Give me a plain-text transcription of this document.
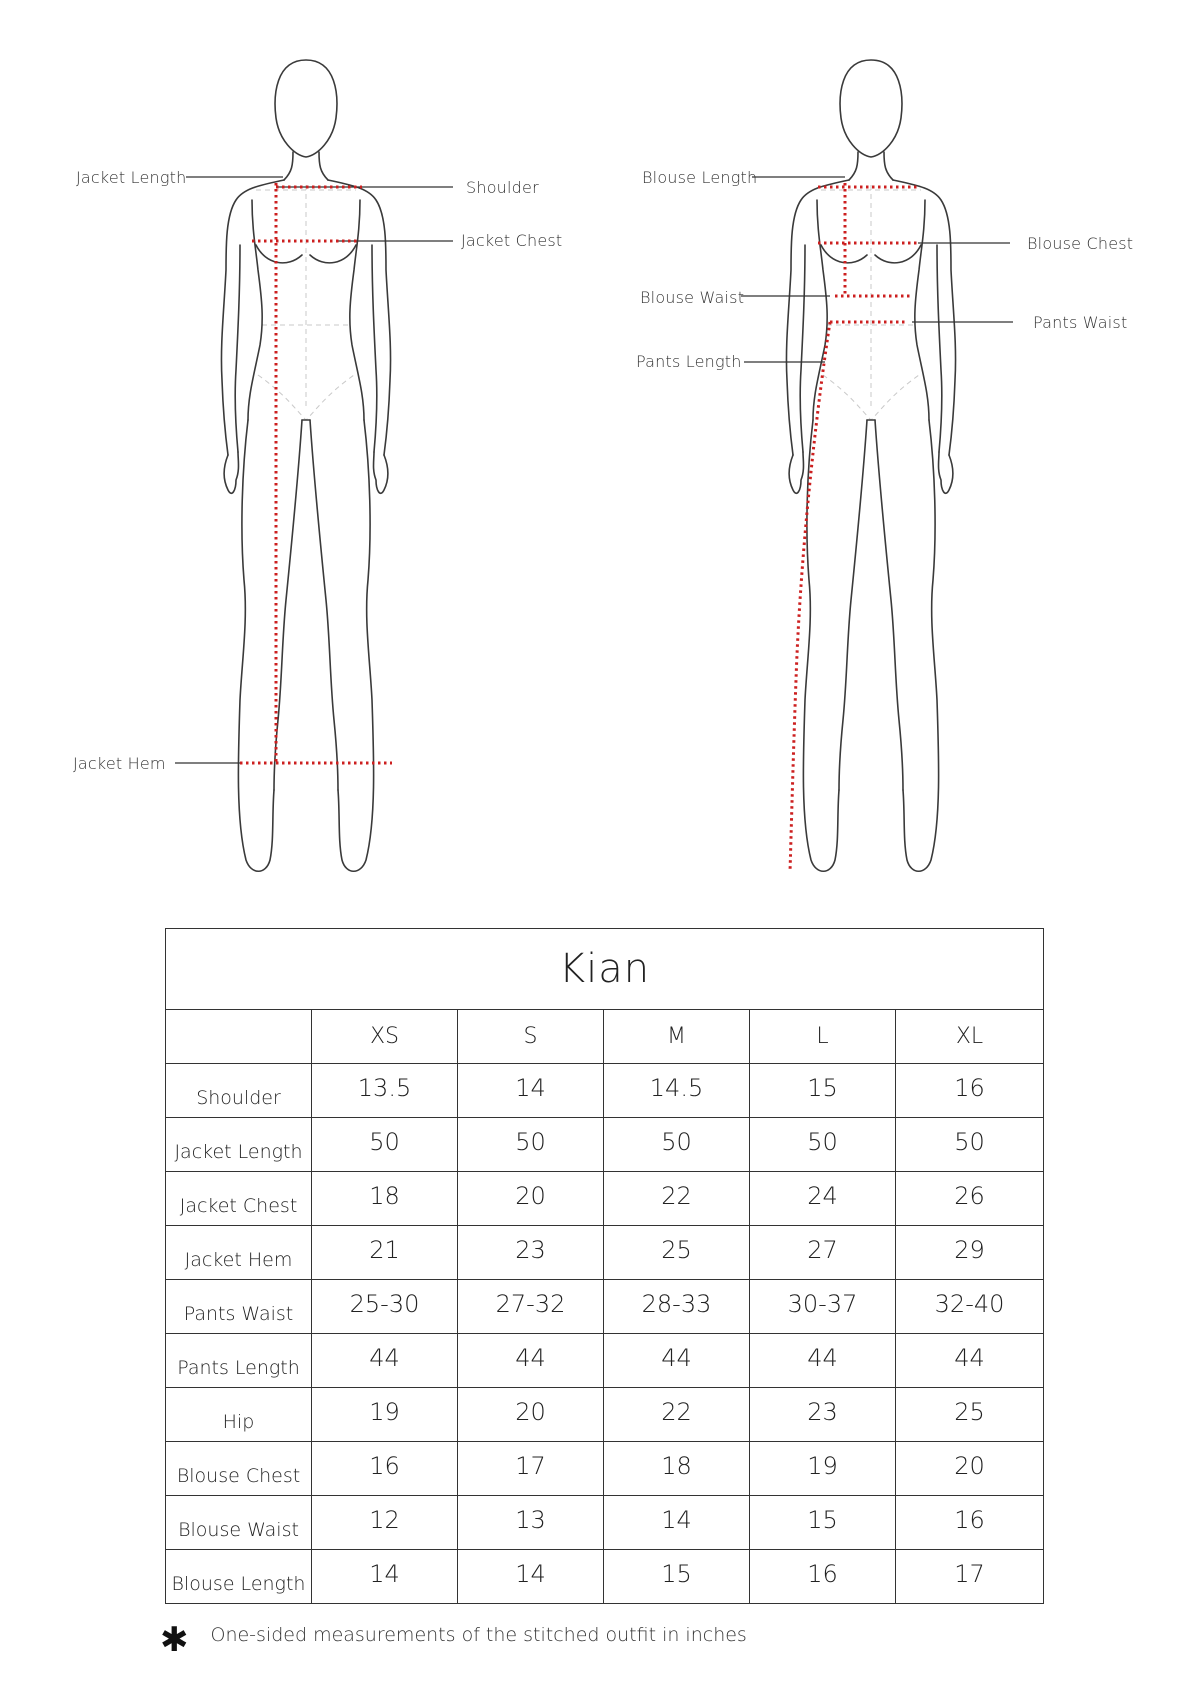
Jacket Length
Shoulder
Jacket Chest
Jacket Hem
Blouse Length
Blouse Chest
Blouse Waist
Pants Waist
Pants Length
Kian					
	XS	S	M	L	XL
Shoulder	13.5	14	14.5	15	16
Jacket Length	50	50	50	50	50
Jacket Chest	18	20	22	24	26
Jacket Hem	21	23	25	27	29
Pants Waist	25-30	27-32	28-33	30-37	32-40
Pants Length	44	44	44	44	44
Hip	19	20	22	23	25
Blouse Chest	16	17	18	19	20
Blouse Waist	12	13	14	15	16
Blouse Length	14	14	15	16	17
✱ One-sided measurements of the stitched outfit in inches
